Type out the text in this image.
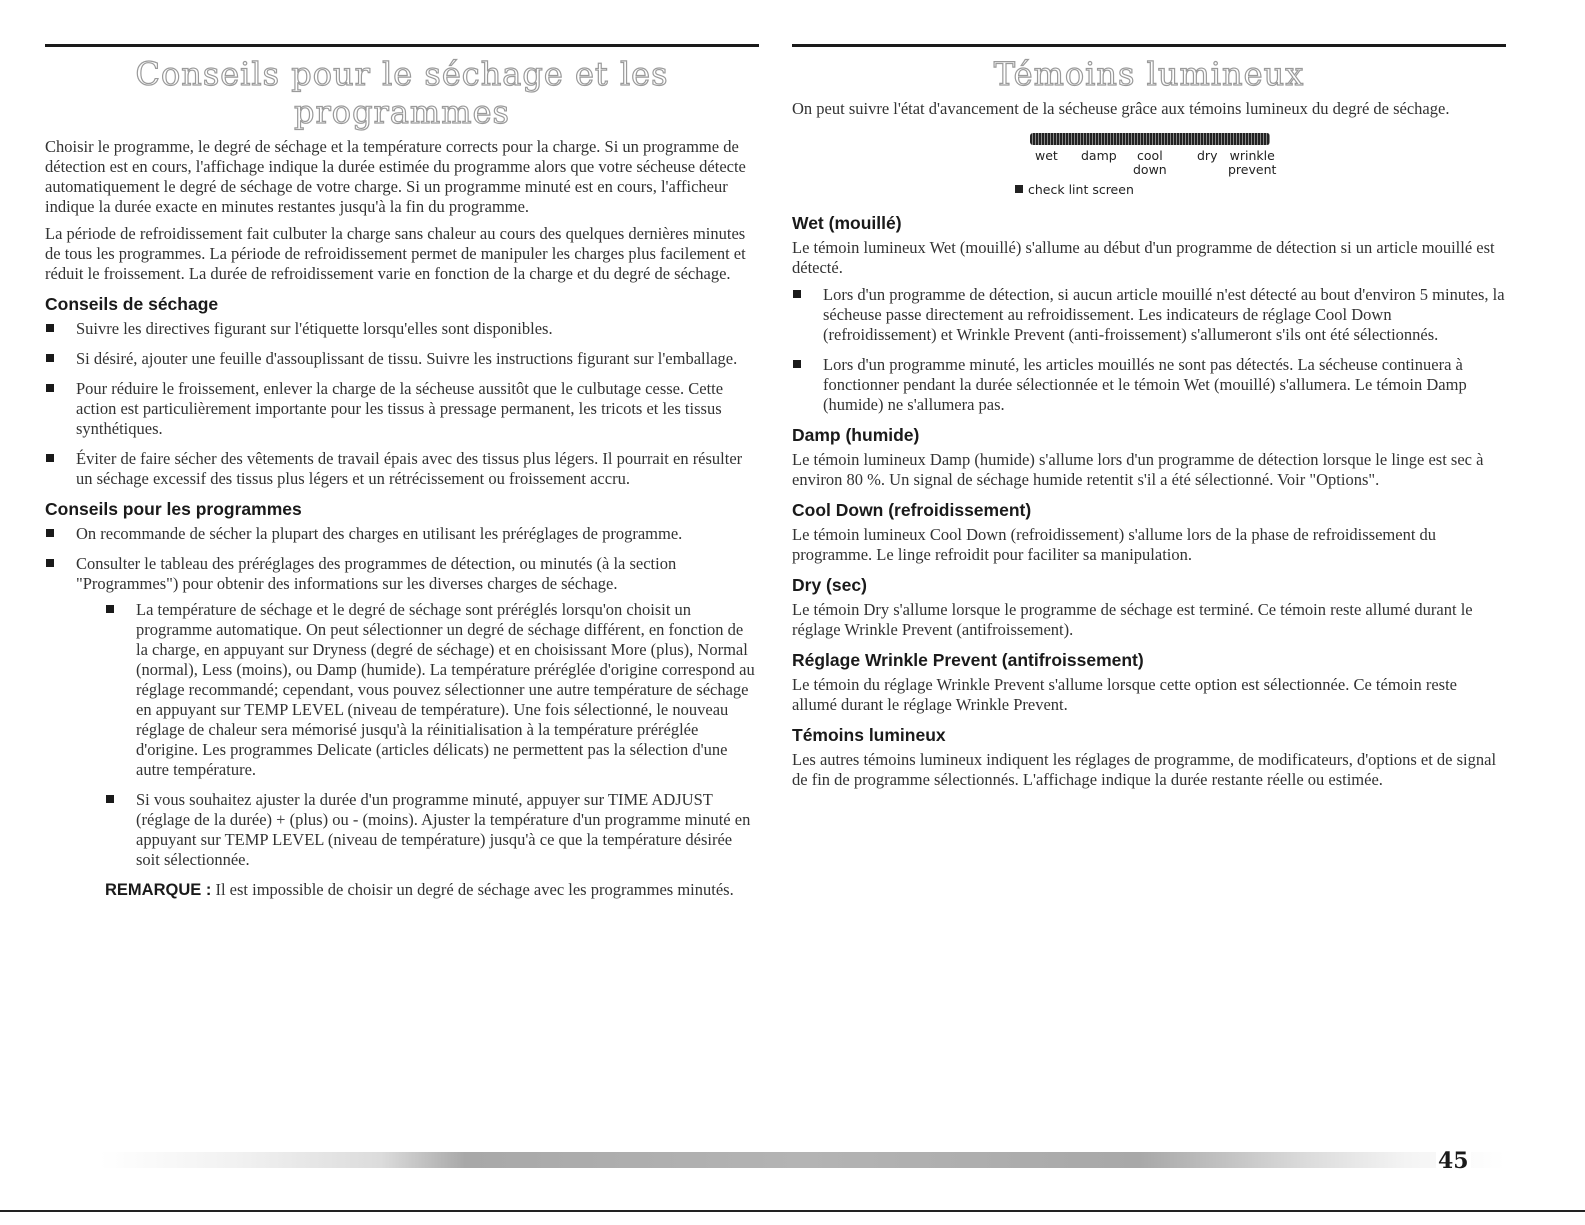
Conseils pour le séchage et les programmes

Choisir le programme, le degré de séchage et la température corrects pour la charge. Si un programme de détection est en cours, l'affichage indique la durée estimée du programme alors que votre sécheuse détecte automatiquement le degré de séchage de votre charge. Si un programme minuté est en cours, l'afficheur indique la durée exacte en minutes restantes jusqu'à la fin du programme.

La période de refroidissement fait culbuter la charge sans chaleur au cours des quelques dernières minutes de tous les programmes. La période de refroidissement permet de manipuler les charges plus facilement et réduit le froissement. La durée de refroidissement varie en fonction de la charge et du degré de séchage.

Conseils de séchage
Suivre les directives figurant sur l'étiquette lorsqu'elles sont disponibles.
Si désiré, ajouter une feuille d'assouplissant de tissu. Suivre les instructions figurant sur l'emballage.
Pour réduire le froissement, enlever la charge de la sécheuse aussitôt que le culbutage cesse. Cette action est particulièrement importante pour les tissus à pressage permanent, les tricots et les tissus synthétiques.
Éviter de faire sécher des vêtements de travail épais avec des tissus plus légers. Il pourrait en résulter un séchage excessif des tissus plus légers et un rétrécissement ou froissement accru.
Conseils pour les programmes
On recommande de sécher la plupart des charges en utilisant les préréglages de programme.
Consulter le tableau des préréglages des programmes de détection, ou minutés (à la section "Programmes") pour obtenir des informations sur les diverses charges de séchage.
La température de séchage et le degré de séchage sont préréglés lorsqu'on choisit un programme automatique. On peut sélectionner un degré de séchage différent, en fonction de la charge, en appuyant sur Dryness (degré de séchage) et en choisissant More (plus), Normal (normal), Less (moins), ou Damp (humide). La température préréglée d'origine correspond au réglage recommandé; cependant, vous pouvez sélectionner une autre température de séchage en appuyant sur TEMP LEVEL (niveau de température). Une fois sélectionné, le nouveau réglage de chaleur sera mémorisé jusqu'à la réinitialisation à la température préréglée d'origine. Les programmes Delicate (articles délicats) ne permettent pas la sélection d'une autre température.
Si vous souhaitez ajuster la durée d'un programme minuté, appuyer sur TIME ADJUST (réglage de la durée) + (plus) ou - (moins). Ajuster la température d'un programme minuté en appuyant sur TEMP LEVEL (niveau de température) jusqu'à ce que la température désirée soit sélectionnée.

REMARQUE : Il est impossible de choisir un degré de séchage avec les programmes minutés.

Témoins lumineux

On peut suivre l'état d'avancement de la sécheuse grâce aux témoins lumineux du degré de séchage.

wet damp	cool
down
dry wrinkle
prevent
check lint screen
Wet (mouillé)

Le témoin lumineux Wet (mouillé) s'allume au début d'un programme de détection si un article mouillé est détecté.

Lors d'un programme de détection, si aucun article mouillé n'est détecté au bout d'environ 5 minutes, la sécheuse passe directement au refroidissement. Les indicateurs de réglage Cool Down (refroidissement) et Wrinkle Prevent (anti-froissement) s'allumeront s'ils ont été sélectionnés.
Lors d'un programme minuté, les articles mouillés ne sont pas détectés. La sécheuse continuera à fonctionner pendant la durée sélectionnée et le témoin Wet (mouillé) s'allumera. Le témoin Damp (humide) ne s'allumera pas.
Damp (humide)

Le témoin lumineux Damp (humide) s'allume lors d'un programme de détection lorsque le linge est sec à environ 80 %. Un signal de séchage humide retentit s'il a été sélectionné. Voir "Options".

Cool Down (refroidissement)

Le témoin lumineux Cool Down (refroidissement) s'allume lors de la phase de refroidissement du programme. Le linge refroidit pour faciliter sa manipulation.

Dry (sec)

Le témoin Dry s'allume lorsque le programme de séchage est terminé. Ce témoin reste allumé durant le réglage Wrinkle Prevent (antifroissement).

Réglage Wrinkle Prevent (antifroissement)

Le témoin du réglage Wrinkle Prevent s'allume lorsque cette option est sélectionnée. Ce témoin reste allumé durant le réglage Wrinkle Prevent.

Témoins lumineux

Les autres témoins lumineux indiquent les réglages de programme, de modificateurs, d'options et de signal de fin de programme sélectionnés. L'affichage indique la durée restante réelle ou estimée.

45
